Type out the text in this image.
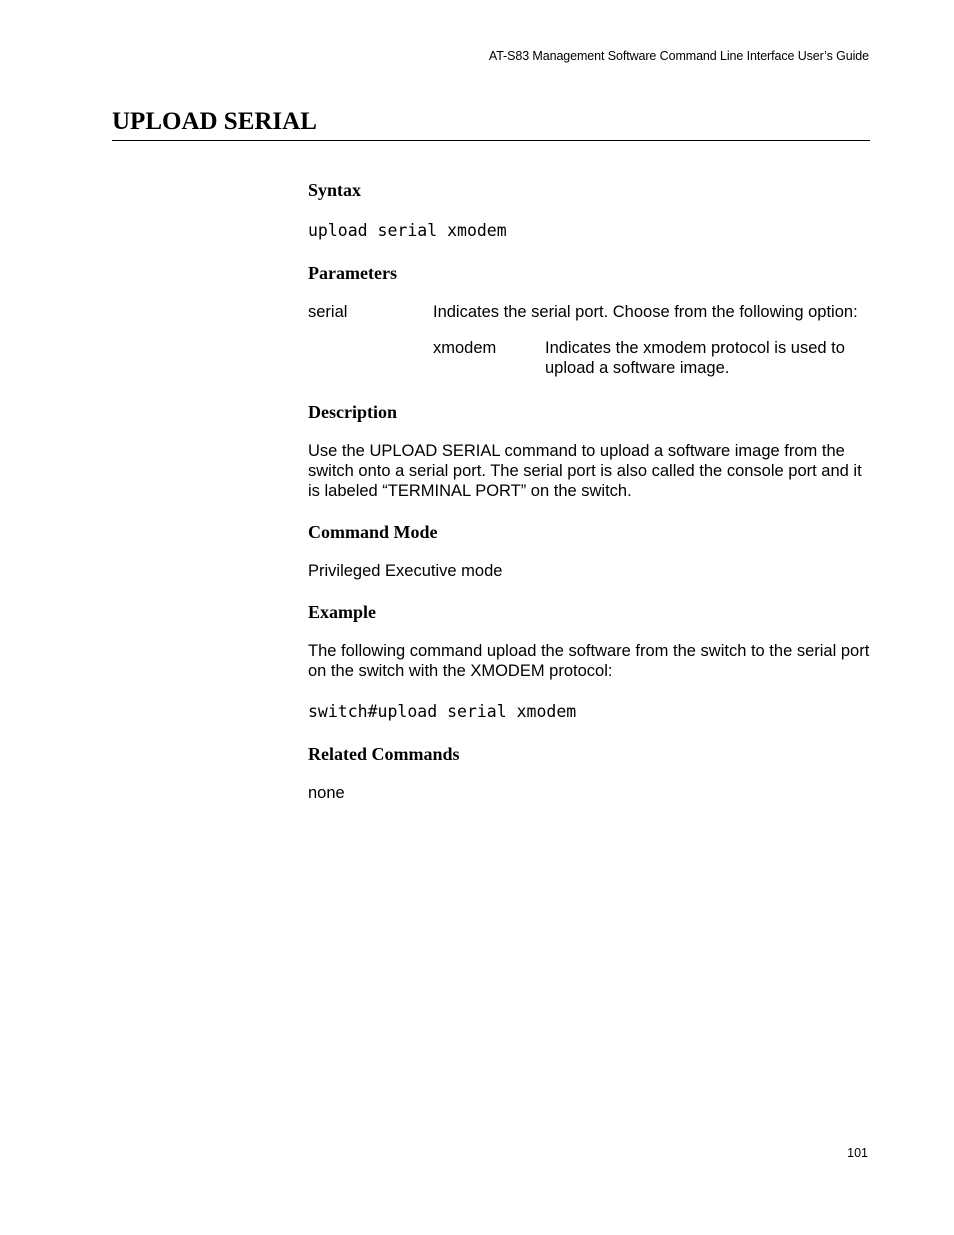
AT-S83 Management Software Command Line Interface User’s Guide
UPLOAD SERIAL
Syntax
upload serial xmodem
Parameters
serial	Indicates the serial port. Choose from the following option:
xmodem	Indicates the xmodem protocol is used to upload a software image.
Description

Use the UPLOAD SERIAL command to upload a software image from the switch onto a serial port. The serial port is also called the console port and it is labeled “TERMINAL PORT” on the switch.

Command Mode

Privileged Executive mode

Example

The following command upload the software from the switch to the serial port on the switch with the XMODEM protocol:

switch#upload serial xmodem
Related Commands

none

101
